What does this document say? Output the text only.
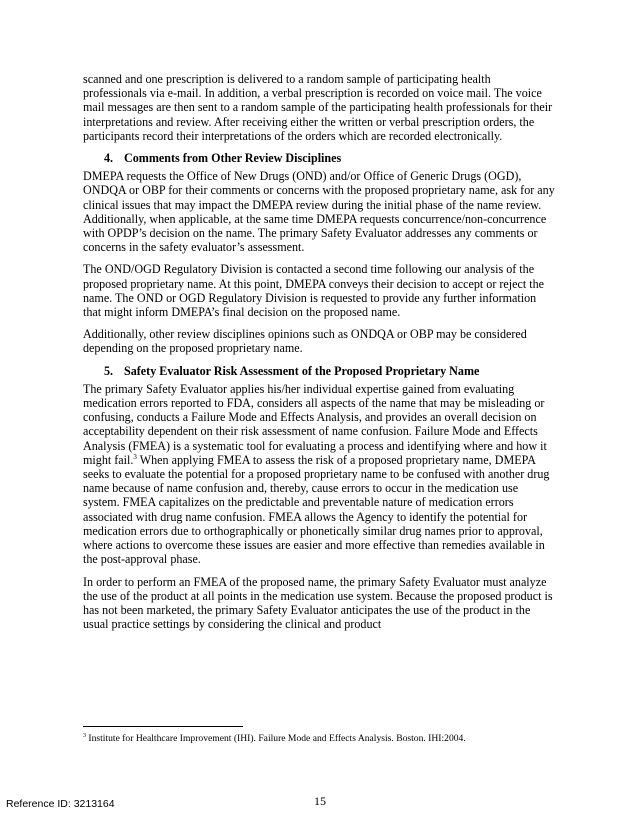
scanned and one prescription is delivered to a random sample of participating health professionals via e-mail. In addition, a verbal prescription is recorded on voice mail. The voice mail messages are then sent to a random sample of the participating health professionals for their interpretations and review. After receiving either the written or verbal prescription orders, the participants record their interpretations of the orders which are recorded electronically.

4. Comments from Other Review Disciplines

DMEPA requests the Office of New Drugs (OND) and/or Office of Generic Drugs (OGD), ONDQA or OBP for their comments or concerns with the proposed proprietary name, ask for any clinical issues that may impact the DMEPA review during the initial phase of the name review. Additionally, when applicable, at the same time DMEPA requests concurrence/non-concurrence with OPDP’s decision on the name. The primary Safety Evaluator addresses any comments or concerns in the safety evaluator’s assessment.

The OND/OGD Regulatory Division is contacted a second time following our analysis of the proposed proprietary name. At this point, DMEPA conveys their decision to accept or reject the name. The OND or OGD Regulatory Division is requested to provide any further information that might inform DMEPA’s final decision on the proposed name.

Additionally, other review disciplines opinions such as ONDQA or OBP may be considered depending on the proposed proprietary name.

5. Safety Evaluator Risk Assessment of the Proposed Proprietary Name

The primary Safety Evaluator applies his/her individual expertise gained from evaluating medication errors reported to FDA, considers all aspects of the name that may be misleading or confusing, conducts a Failure Mode and Effects Analysis, and provides an overall decision on acceptability dependent on their risk assessment of name confusion. Failure Mode and Effects Analysis (FMEA) is a systematic tool for evaluating a process and identifying where and how it might fail.$^3$ When applying FMEA to assess the risk of a proposed proprietary name, DMEPA seeks to evaluate the potential for a proposed proprietary name to be confused with another drug name because of name confusion and, thereby, cause errors to occur in the medication use system. FMEA capitalizes on the predictable and preventable nature of medication errors associated with drug name confusion. FMEA allows the Agency to identify the potential for medication errors due to orthographically or phonetically similar drug names prior to approval, where actions to overcome these issues are easier and more effective than remedies available in the post-approval phase.

In order to perform an FMEA of the proposed name, the primary Safety Evaluator must analyze the use of the product at all points in the medication use system. Because the proposed product is has not been marketed, the primary Safety Evaluator anticipates the use of the product in the usual practice settings by considering the clinical and product

$^3$ Institute for Healthcare Improvement (IHI). Failure Mode and Effects Analysis. Boston. IHI:2004.
Reference ID: 3213164	15
